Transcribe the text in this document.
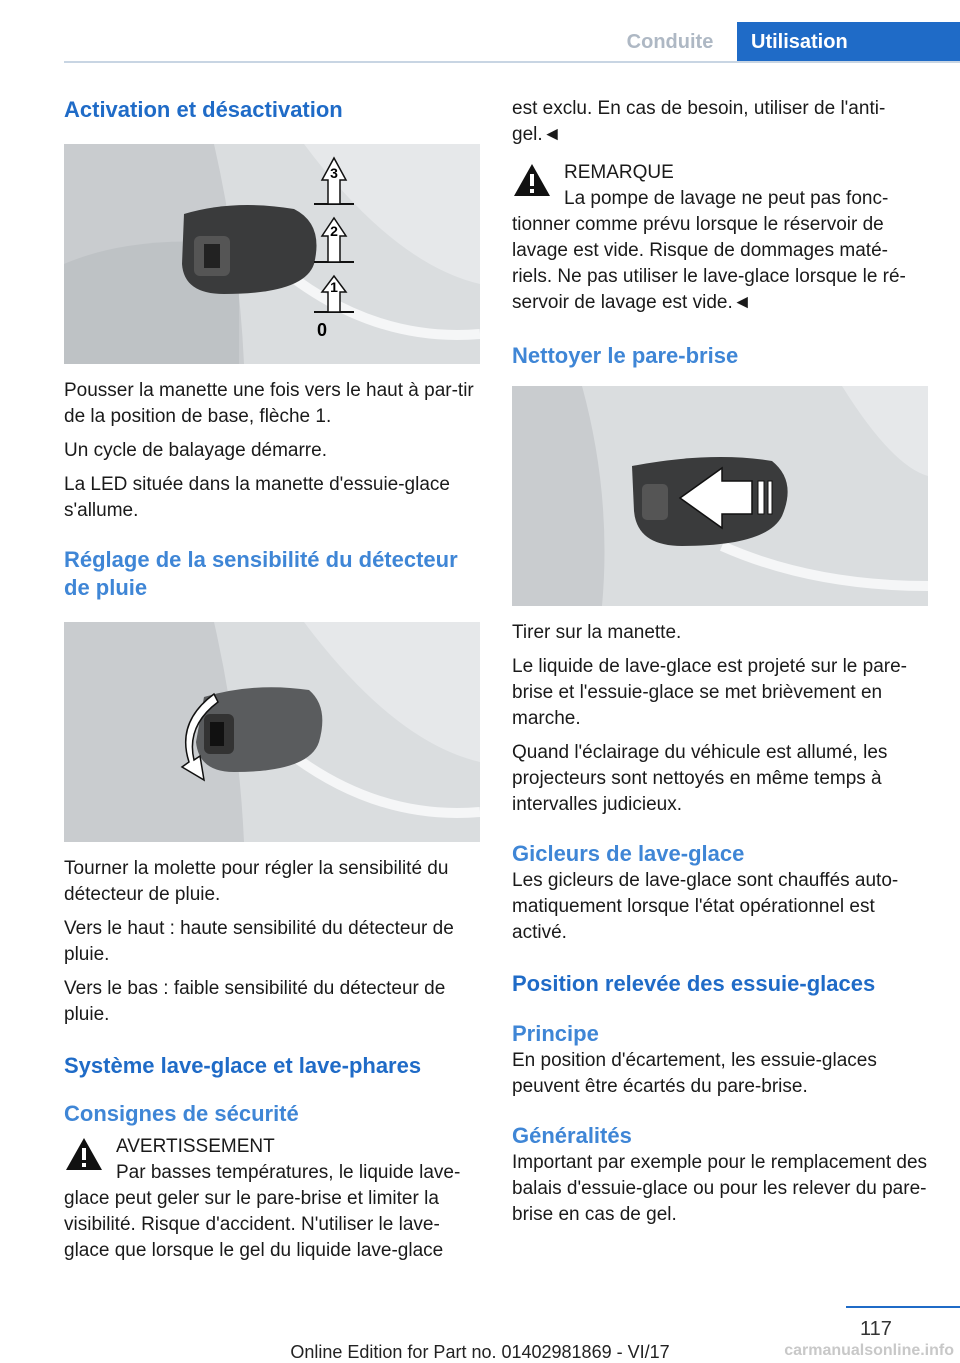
Conduite	Utilisation
Activation et désactivation
3
2
1
0

Pousser la manette une fois vers le haut à par-tir de la position de base, flèche 1.

Un cycle de balayage démarre.

La LED située dans la manette d'essuie-glace s'allume.

Réglage de la sensibilité du détecteur de pluie

Tourner la molette pour régler la sensibilité du détecteur de pluie.

Vers le haut : haute sensibilité du détecteur de pluie.

Vers le bas : faible sensibilité du détecteur de pluie.

Système lave-glace et lave-phares
Consignes de sécurité
AVERTISSEMENT
Par basses températures, le liquide lave-

glace peut geler sur le pare-brise et limiter la visibilité. Risque d'accident. N'utiliser le lave-glace que lorsque le gel du liquide lave-glace

est exclu. En cas de besoin, utiliser de l'anti-gel.◄

REMARQUE
La pompe de lavage ne peut pas fonc-

tionner comme prévu lorsque le réservoir de lavage est vide. Risque de dommages maté-riels. Ne pas utiliser le lave-glace lorsque le ré-servoir de lavage est vide.◄

Nettoyer le pare-brise

Tirer sur la manette.

Le liquide de lave-glace est projeté sur le pare-brise et l'essuie-glace se met brièvement en marche.

Quand l'éclairage du véhicule est allumé, les projecteurs sont nettoyés en même temps à intervalles judicieux.

Gicleurs de lave-glace

Les gicleurs de lave-glace sont chauffés auto-matiquement lorsque l'état opérationnel est activé.

Position relevée des essuie-glaces
Principe

En position d'écartement, les essuie-glaces peuvent être écartés du pare-brise.

Généralités

Important par exemple pour le remplacement des balais d'essuie-glace ou pour les relever du pare-brise en cas de gel.

117
Online Edition for Part no. 01402981869 - VI/17	carmanualsonline.info
